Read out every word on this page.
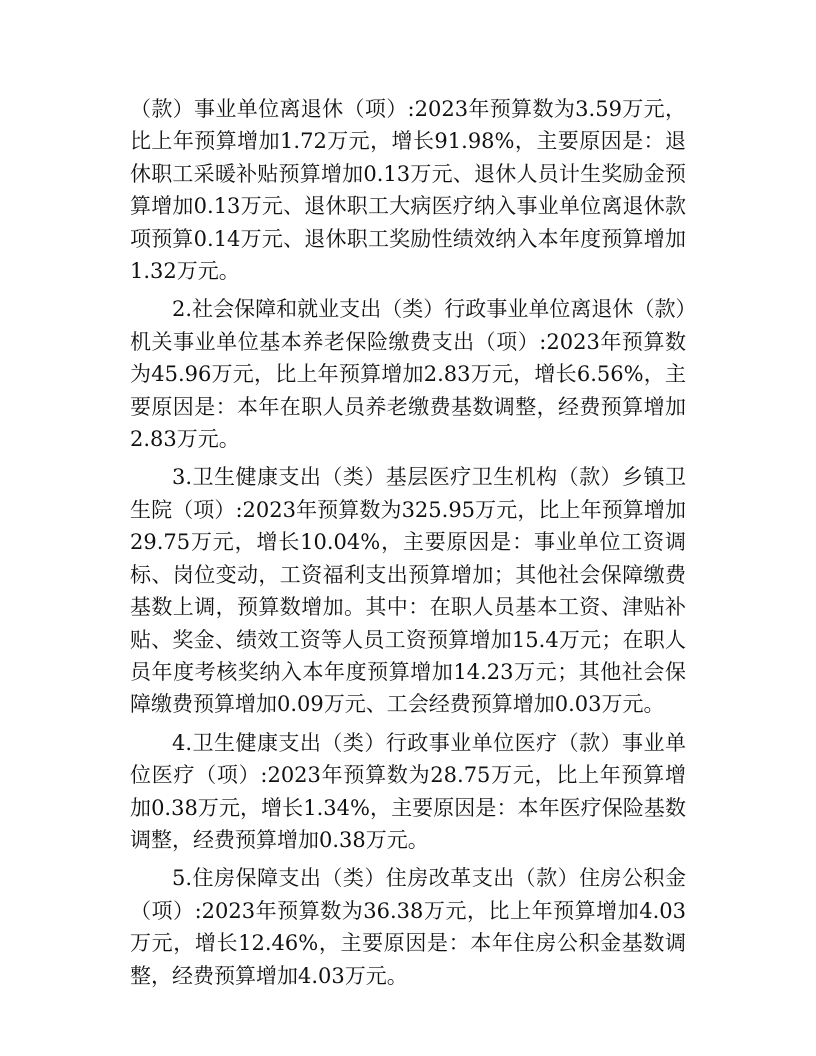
（款）事业单位离退休（项）:2023年预算数为3.59万元，比上年预算增加1.72万元，增长91.98%，主要原因是：退休职工采暖补贴预算增加0.13万元、退休人员计生奖励金预算增加0.13万元、退休职工大病医疗纳入事业单位离退休款项预算0.14万元、退休职工奖励性绩效纳入本年度预算增加1.32万元。

2.社会保障和就业支出（类）行政事业单位离退休（款）机关事业单位基本养老保险缴费支出（项）:2023年预算数为45.96万元，比上年预算增加2.83万元，增长6.56%，主要原因是：本年在职人员养老缴费基数调整，经费预算增加2.83万元。

3.卫生健康支出（类）基层医疗卫生机构（款）乡镇卫生院（项）:2023年预算数为325.95万元，比上年预算增加29.75万元，增长10.04%，主要原因是：事业单位工资调标、岗位变动，工资福利支出预算增加；其他社会保障缴费基数上调，预算数增加。其中：在职人员基本工资、津贴补贴、奖金、绩效工资等人员工资预算增加15.4万元；在职人员年度考核奖纳入本年度预算增加14.23万元；其他社会保障缴费预算增加0.09万元、工会经费预算增加0.03万元。

4.卫生健康支出（类）行政事业单位医疗（款）事业单位医疗（项）:2023年预算数为28.75万元，比上年预算增加0.38万元，增长1.34%，主要原因是：本年医疗保险基数调整，经费预算增加0.38万元。

5.住房保障支出（类）住房改革支出（款）住房公积金（项）:2023年预算数为36.38万元，比上年预算增加4.03万元，增长12.46%，主要原因是：本年住房公积金基数调整，经费预算增加4.03万元。
